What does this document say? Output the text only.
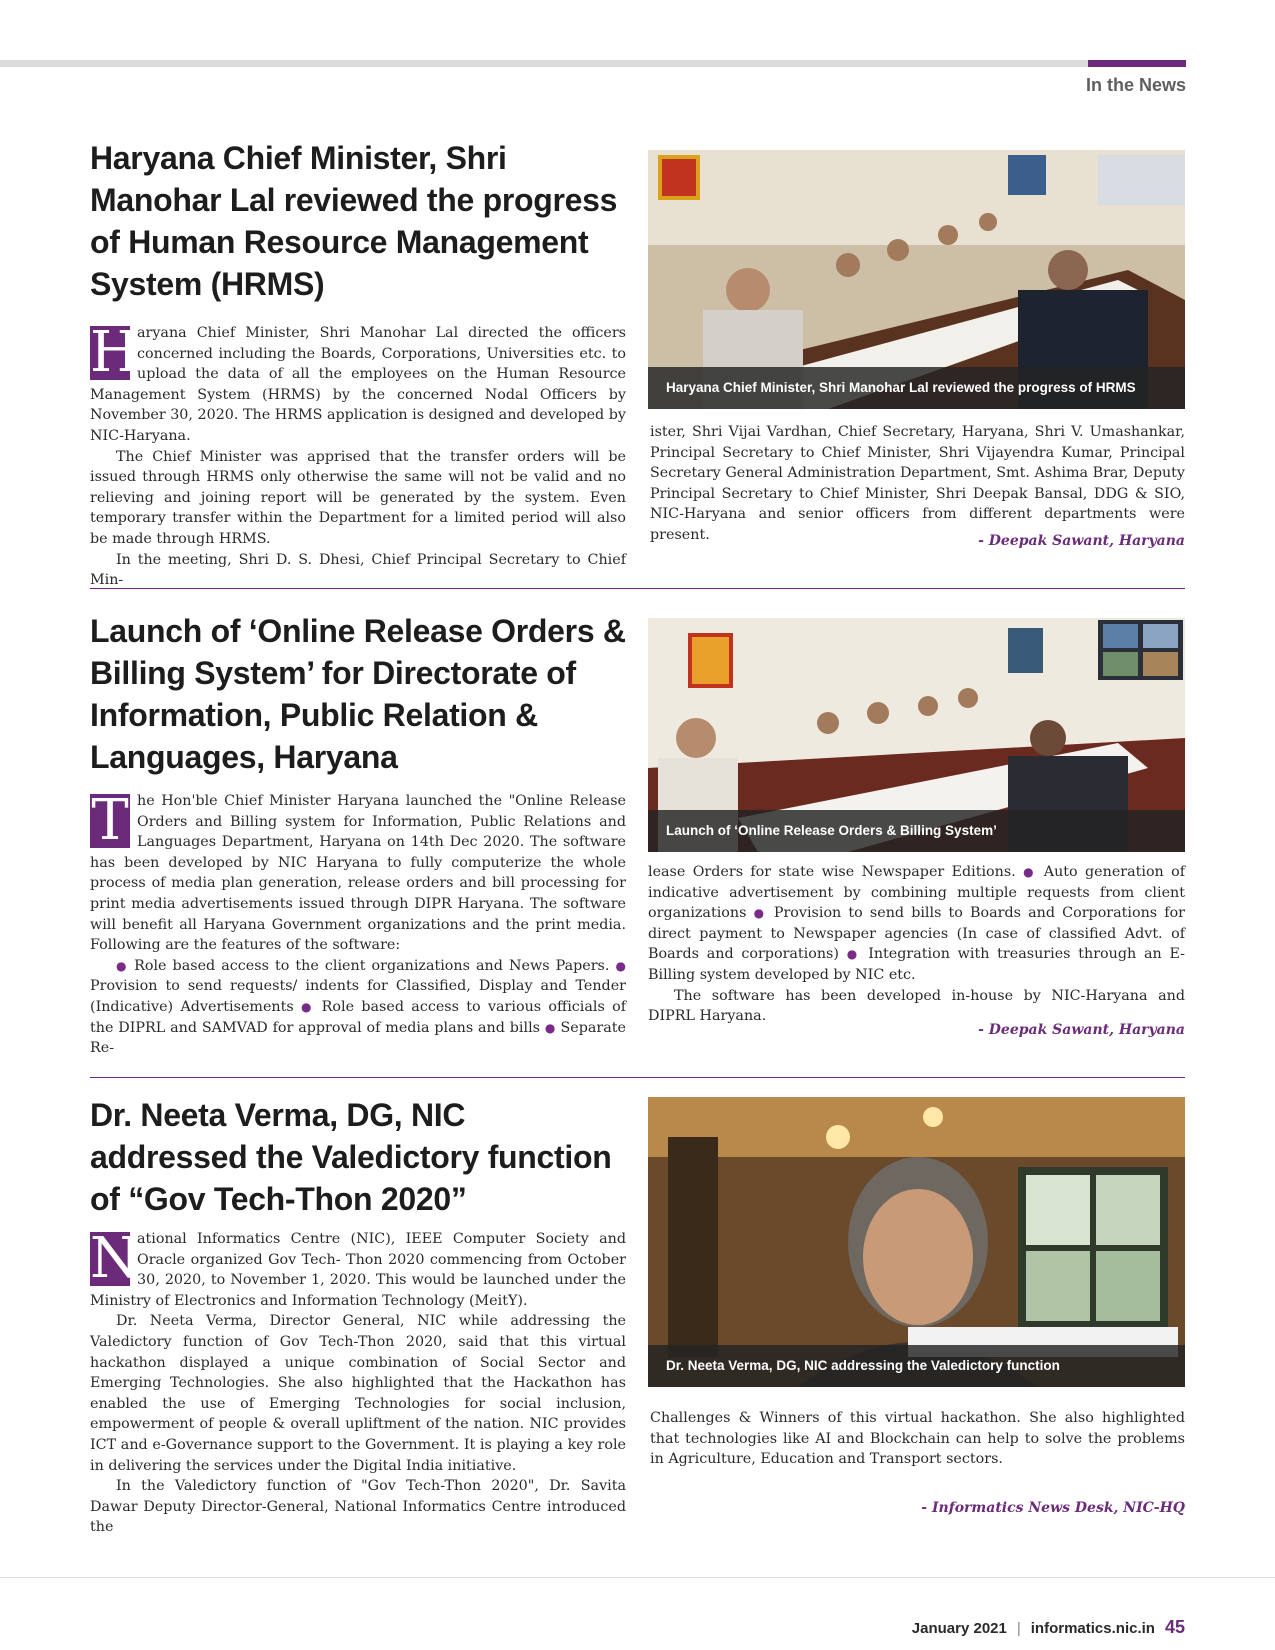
In the News
Haryana Chief Minister, Shri Manohar Lal reviewed the progress of Human Resource Management System (HRMS)

H
aryana Chief Minister, Shri Manohar Lal directed the officers concerned including the Boards, Corporations, Universities etc. to upload the data of all the employees on the Human Resource Management System (HRMS) by the concerned Nodal Officers by November 30, 2020. The HRMS application is designed and developed by NIC-Haryana.

The Chief Minister was apprised that the transfer orders will be issued through HRMS only otherwise the same will not be valid and no relieving and joining report will be generated by the system. Even temporary transfer within the Department for a limited period will also be made through HRMS.

In the meeting, Shri D. S. Dhesi, Chief Principal Secretary to Chief Min-

Haryana Chief Minister, Shri Manohar Lal reviewed the progress of HRMS

ister, Shri Vijai Vardhan, Chief Secretary, Haryana, Shri V. Umashankar, Principal Secretary to Chief Minister, Shri Vijayendra Kumar, Principal Secretary General Administration Department, Smt. Ashima Brar, Deputy Principal Secretary to Chief Minister, Shri Deepak Bansal, DDG & SIO, NIC-Haryana and senior officers from different departments were present.	- Deepak Sawant, Haryana
Launch of ‘Online Release Orders & Billing System’ for Directorate of Information, Public Relation & Languages, Haryana

T he Hon'ble Chief Minister Haryana launched the "Online Release Orders and Billing system for Information, Public Relations and Languages Department, Haryana on 14th Dec 2020. The software has been developed by NIC Haryana to fully computerize the whole process of media plan generation, release orders and bill processing for print media advertisements issued through DIPR Haryana. The software will benefit all Haryana Government organizations and the print media. Following are the features of the software:

● Role based access to the client organizations and News Papers. ● Provision to send requests/ indents for Classified, Display and Tender (Indicative) Advertisements ● Role based access to various officials of the DIPRL and SAMVAD for approval of media plans and bills ● Separate Re-

Launch of ‘Online Release Orders & Billing System’

lease Orders for state wise Newspaper Editions. ● Auto generation of indicative advertisement by combining multiple requests from client organizations ● Provision to send bills to Boards and Corporations for direct payment to Newspaper agencies (In case of classified Advt. of Boards and corporations) ● Integration with treasuries through an E-Billing system developed by NIC etc.

The software has been developed in-house by NIC-Haryana and DIPRL Haryana.

- Deepak Sawant, Haryana
Dr. Neeta Verma, DG, NIC addressed the Valedictory function of “Gov Tech-Thon 2020”

N
ational Informatics Centre (NIC), IEEE Computer Society and Oracle organized Gov Tech- Thon 2020 commencing from October 30, 2020, to November 1, 2020. This would be launched under the Ministry of Electronics and Information Technology (MeitY).

Dr. Neeta Verma, Director General, NIC while addressing the Valedictory function of Gov Tech-Thon 2020, said that this virtual hackathon displayed a unique combination of Social Sector and Emerging Technologies. She also highlighted that the Hackathon has enabled the use of Emerging Technologies for social inclusion, empowerment of people & overall upliftment of the nation. NIC provides ICT and e-Governance support to the Government. It is playing a key role in delivering the services under the Digital India initiative.

In the Valedictory function of "Gov Tech-Thon 2020", Dr. Savita Dawar Deputy Director-General, National Informatics Centre introduced the

Dr. Neeta Verma, DG, NIC addressing the Valedictory function

Challenges & Winners of this virtual hackathon. She also highlighted that technologies like AI and Blockchain can help to solve the problems in Agriculture, Education and Transport sectors.

- Informatics News Desk, NIC-HQ
January 2021 | informatics.nic.in 45
